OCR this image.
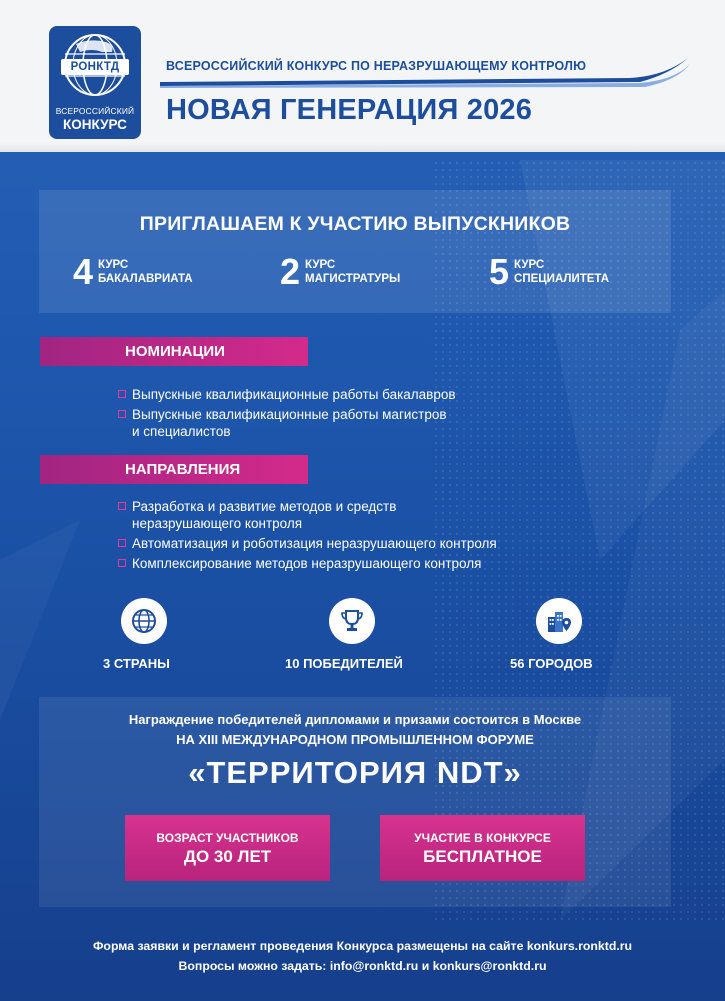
РОНКТД
ВСЕРОССИЙСКИЙ
КОНКУРС
ВСЕРОССИЙСКИЙ КОНКУРС ПО НЕРАЗРУШАЮЩЕМУ КОНТРОЛЮ
НОВАЯ ГЕНЕРАЦИЯ 2026
ПРИГЛАШАЕМ К УЧАСТИЮ ВЫПУСКНИКОВ
4 КУРС
БАКАЛАВРИАТА 2 КУРС
МАГИСТРАТУРЫ 5 КУРС
СПЕЦИАЛИТЕТА
НОМИНАЦИИ
Выпускные квалификационные работы бакалавров
Выпускные квалификационные работы магистров
и специалистов
НАПРАВЛЕНИЯ
Разработка и развитие методов и средств
неразрушающего контроля
Автоматизация и роботизация неразрушающего контроля
Комплексирование методов неразрушающего контроля
3 СТРАНЫ	10 ПОБЕДИТЕЛЕЙ	56 ГОРОДОВ
Награждение победителей дипломами и призами состоится в Москве
НА XIII МЕЖДУНАРОДНОМ ПРОМЫШЛЕННОМ ФОРУМЕ
«ТЕРРИТОРИЯ NDT»
ВОЗРАСТ УЧАСТНИКОВ
ДО 30 ЛЕТ
УЧАСТИЕ В КОНКУРСЕ
БЕСПЛАТНОЕ
Форма заявки и регламент проведения Конкурса размещены на сайте konkurs.ronktd.ru
Вопросы можно задать: info@ronktd.ru и konkurs@ronktd.ru
